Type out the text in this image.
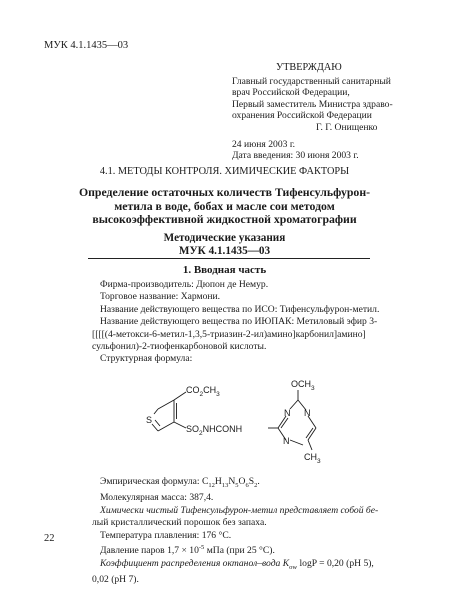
МУК 4.1.1435—03
УТВЕРЖДАЮ
Главный государственный санитарный
врач Российской Федерации,
Первый заместитель Министра здраво-
охранения Российской Федерации
Г. Г. Онищенко
24 июня 2003 г.
Дата введения: 30 июня 2003 г.
4.1. МЕТОДЫ КОНТРОЛЯ. ХИМИЧЕСКИЕ ФАКТОРЫ
Определение остаточных количеств Тифенсульфурон-
метила в воде, бобах и масле сои методом
высокоэффективной жидкостной хроматографии
Методические указания
МУК 4.1.1435—03
1. Вводная часть
Фирма-производитель: Дюпон де Немур.
Торговое название: Хармони.
Название действующего вещества по ИСО: Тифенсульфурон-метил.
Название действующего вещества по ИЮПАК: Метиловый эфир 3-
[[[[(4-метокси-6-метил-1,3,5-триазин-2-ил)амино]карбонил]амино]
сульфонил)-2-тиофенкарбоновой кислоты.
Структурная формула:
S
$CO_2CH_3$
$SO_2NHCONH$
N N
N
$OCH_3$
$CH_3$
Эмпирическая формула: $C_{12}H_{13}N_5O_6S_2$.
Молекулярная масса: 387,4.
Химически чистый Тифенсульфурон-метил представляет собой бе-
лый кристаллический порошок без запаха.
Температура плавления: 176 °C.
Давление паров $1,7 \times 10^{-5}$ мПа (при 25 °C).
Коэффициент распределения октанол–вода $K_{ow}$ logP = 0,20 (pH 5),
0,02 (pH 7).
22
